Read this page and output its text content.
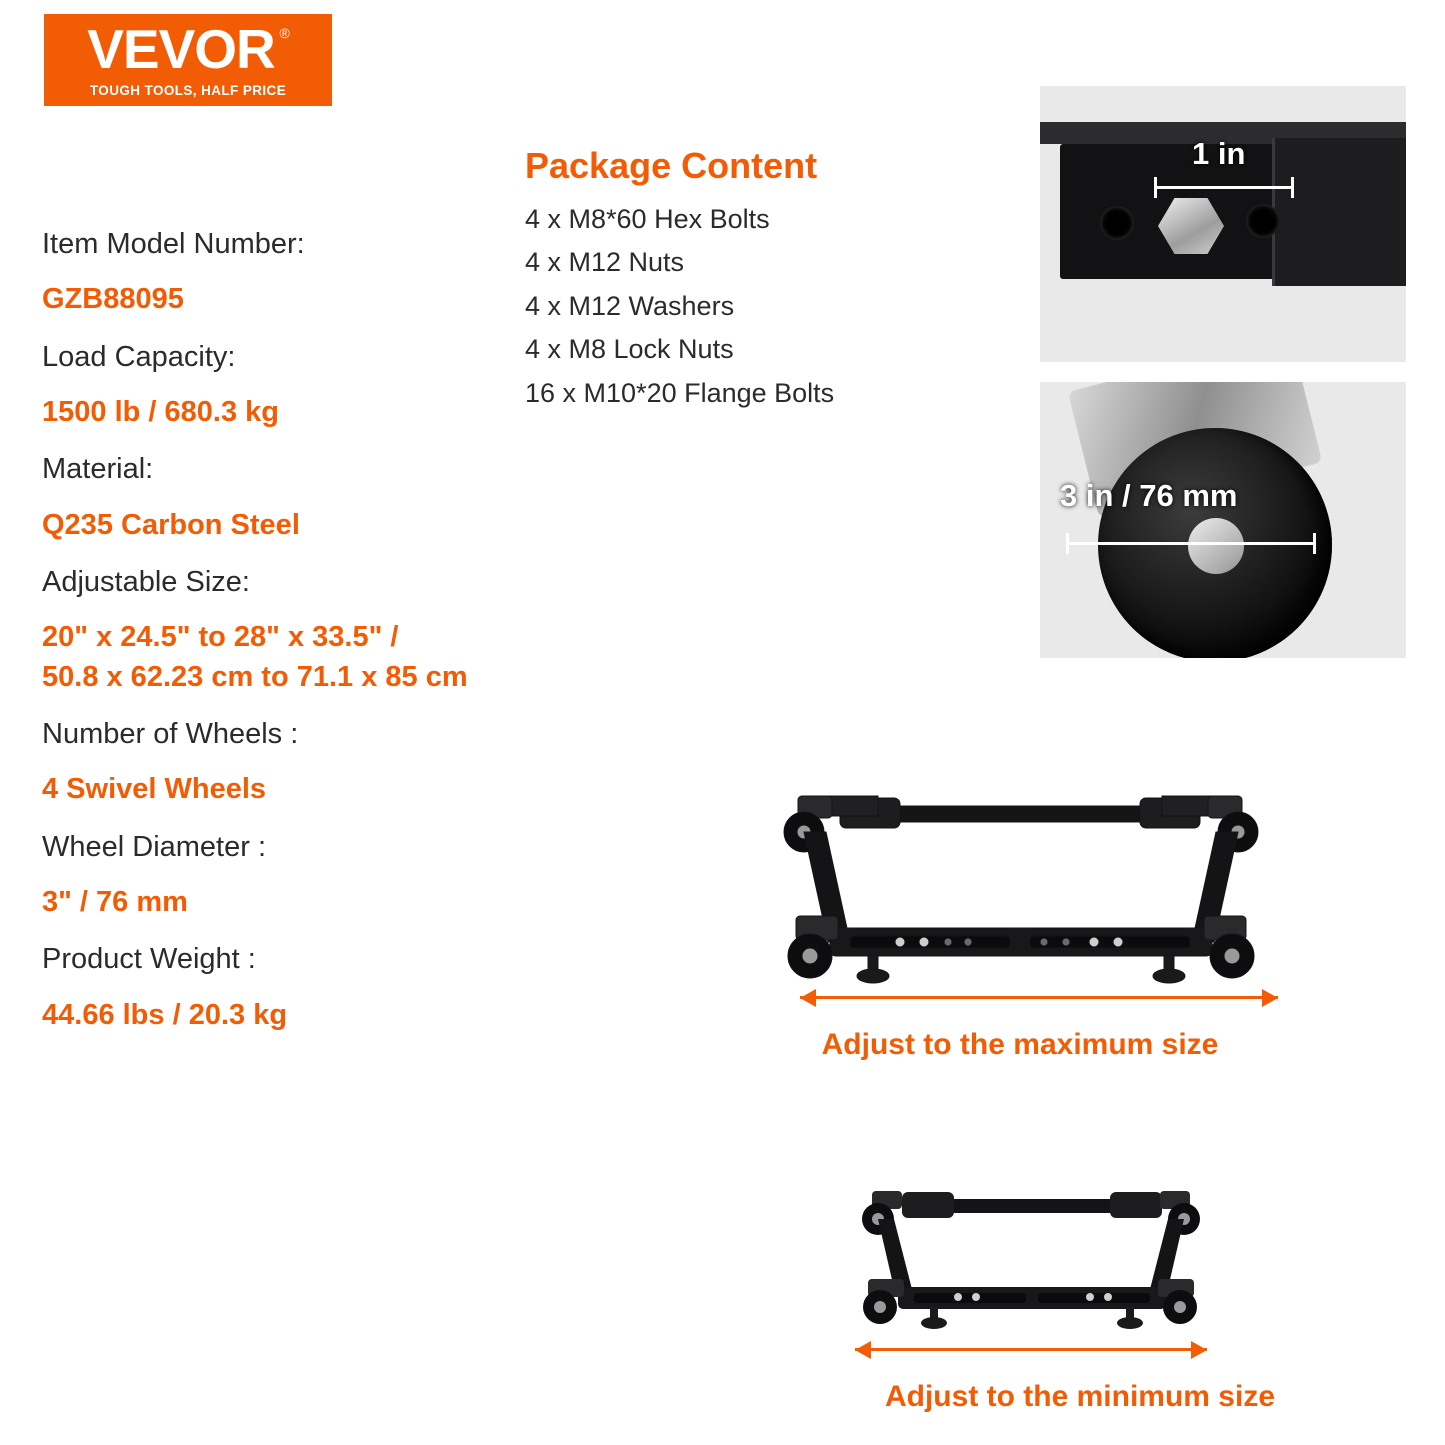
VEVOR ®
TOUGH TOOLS, HALF PRICE

Item Model Number:

GZB88095

Load Capacity:

1500 lb / 680.3 kg

Material:

Q235 Carbon Steel

Adjustable Size:

20" x 24.5" to 28" x 33.5" /

50.8 x 62.23 cm to 71.1 x 85 cm

Number of Wheels :

4 Swivel Wheels

Wheel Diameter :

3" / 76 mm

Product Weight :

44.66 lbs / 20.3 kg

Package Content

4 x M8*60 Hex Bolts

4 x M12 Nuts

4 x M12 Washers

4 x M8 Lock Nuts

16 x M10*20 Flange Bolts

1 in
3 in / 76 mm
Adjust to the maximum size
Adjust to the minimum size
